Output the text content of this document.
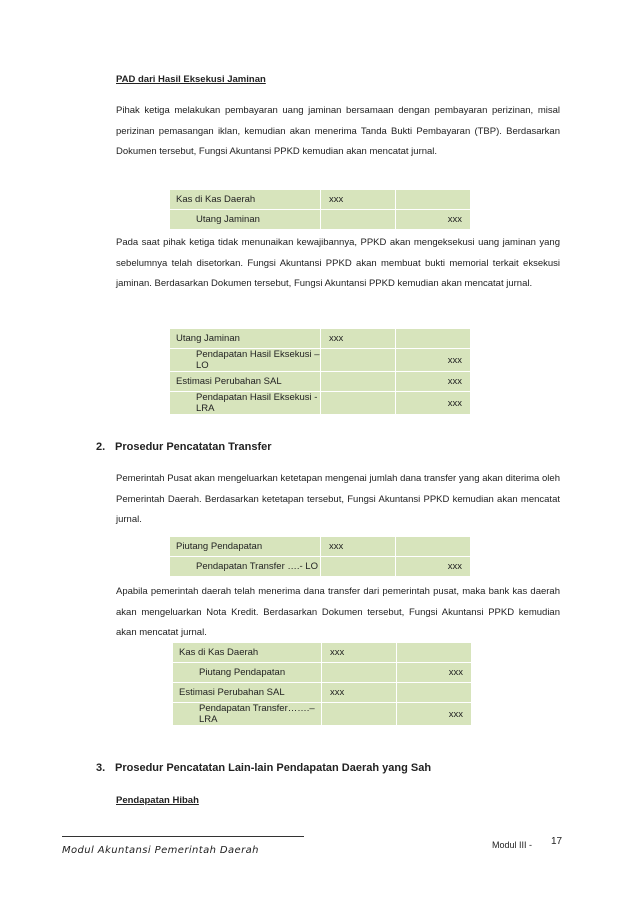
PAD dari Hasil Eksekusi Jaminan
Pihak ketiga melakukan pembayaran uang jaminan bersamaan dengan pembayaran perizinan, misal perizinan pemasangan iklan, kemudian akan menerima Tanda Bukti Pembayaran (TBP). Berdasarkan Dokumen tersebut, Fungsi Akuntansi PPKD kemudian akan mencatat jurnal.
Kas di Kas Daerah	xxx	
Utang Jaminan		xxx
Pada saat pihak ketiga tidak menunaikan kewajibannya, PPKD akan mengeksekusi uang jaminan yang sebelumnya telah disetorkan. Fungsi Akuntansi PPKD akan membuat bukti memorial terkait eksekusi jaminan. Berdasarkan Dokumen tersebut, Fungsi Akuntansi PPKD kemudian akan mencatat jurnal.
Utang Jaminan	xxx	
Pendapatan Hasil Eksekusi – LO		xxx
Estimasi Perubahan SAL		xxx
Pendapatan Hasil Eksekusi - LRA		xxx
2. Prosedur Pencatatan Transfer
Pemerintah Pusat akan mengeluarkan ketetapan mengenai jumlah dana transfer yang akan diterima oleh Pemerintah Daerah. Berdasarkan ketetapan tersebut, Fungsi Akuntansi PPKD kemudian akan mencatat jurnal.
Piutang Pendapatan	xxx	
Pendapatan Transfer ….- LO		xxx
Apabila pemerintah daerah telah menerima dana transfer dari pemerintah pusat, maka bank kas daerah akan mengeluarkan Nota Kredit. Berdasarkan Dokumen tersebut, Fungsi Akuntansi PPKD kemudian akan mencatat jurnal.
Kas di Kas Daerah	xxx	
Piutang Pendapatan		xxx
Estimasi Perubahan SAL	xxx	
Pendapatan Transfer…….– LRA		xxx
3. Prosedur Pencatatan Lain-lain Pendapatan Daerah yang Sah
Pendapatan Hibah
Modul Akuntansi Pemerintah Daerah	Modul III - 17
